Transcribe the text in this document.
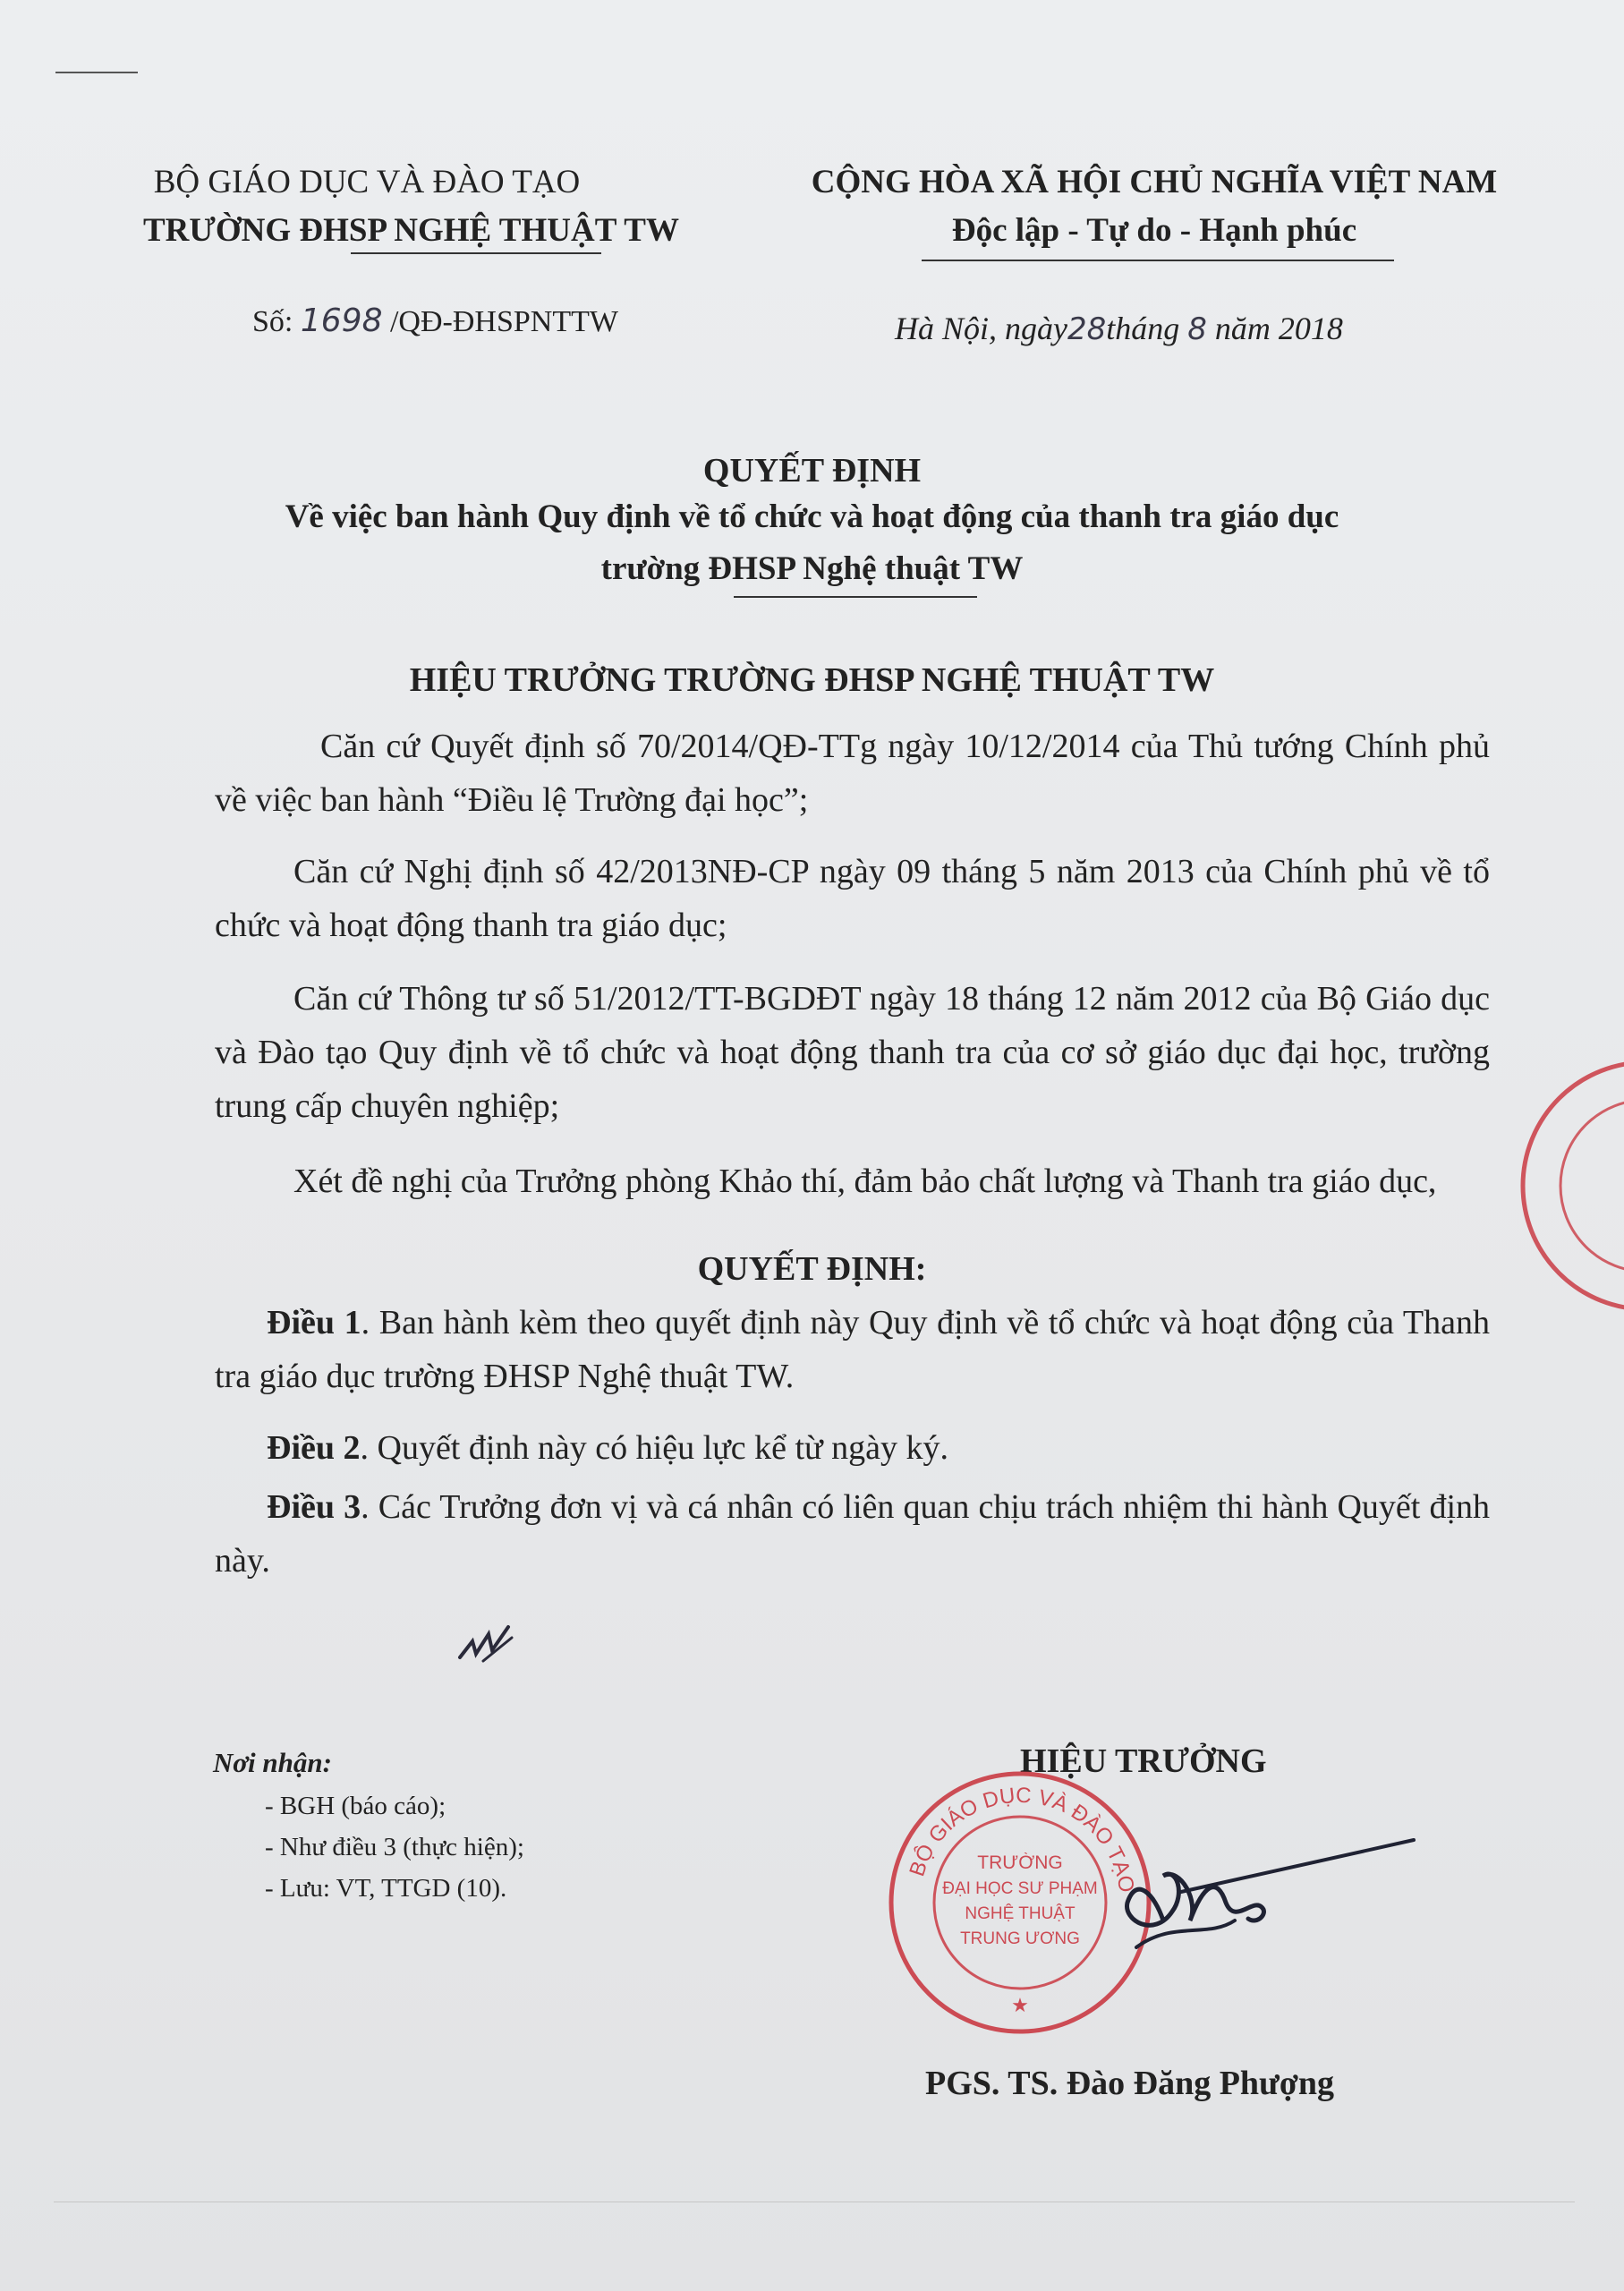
BỘ GIÁO DỤC VÀ ĐÀO TẠO
TRƯỜNG ĐHSP NGHỆ THUẬT TW
CỘNG HÒA XÃ HỘI CHỦ NGHĨA VIỆT NAM
Độc lập - Tự do - Hạnh phúc
Số: 1698 /QĐ-ĐHSPNTTW	Hà Nội, ngày28tháng 8 năm 2018
QUYẾT ĐỊNH
Về việc ban hành Quy định về tổ chức và hoạt động của thanh tra giáo dục
trường ĐHSP Nghệ thuật TW
HIỆU TRƯỞNG TRƯỜNG ĐHSP NGHỆ THUẬT TW
Căn cứ Quyết định số 70/2014/QĐ-TTg ngày 10/12/2014 của Thủ tướng Chính phủ về việc ban hành “Điều lệ Trường đại học”;
Căn cứ Nghị định số 42/2013NĐ-CP ngày 09 tháng 5 năm 2013 của Chính phủ về tổ chức và hoạt động thanh tra giáo dục;
Căn cứ Thông tư số 51/2012/TT-BGDĐT ngày 18 tháng 12 năm 2012 của Bộ Giáo dục và Đào tạo Quy định về tổ chức và hoạt động thanh tra của cơ sở giáo dục đại học, trường trung cấp chuyên nghiệp;
Xét đề nghị của Trưởng phòng Khảo thí, đảm bảo chất lượng và Thanh tra giáo dục,
QUYẾT ĐỊNH:
Điều 1. Ban hành kèm theo quyết định này Quy định về tổ chức và hoạt động của Thanh tra giáo dục trường ĐHSP Nghệ thuật TW.
Điều 2. Quyết định này có hiệu lực kể từ ngày ký.
Điều 3. Các Trưởng đơn vị và cá nhân có liên quan chịu trách nhiệm thi hành Quyết định này.
Nơi nhận:
- BGH (báo cáo);
- Như điều 3 (thực hiện);
- Lưu: VT, TTGD (10).
HIỆU TRƯỞNG
BỘ GIÁO DỤC VÀ ĐÀO TẠO
TRƯỜNG
ĐẠI HỌC SƯ PHẠM
NGHỆ THUẬT
TRUNG ƯƠNG
★
PGS. TS. Đào Đăng Phượng
